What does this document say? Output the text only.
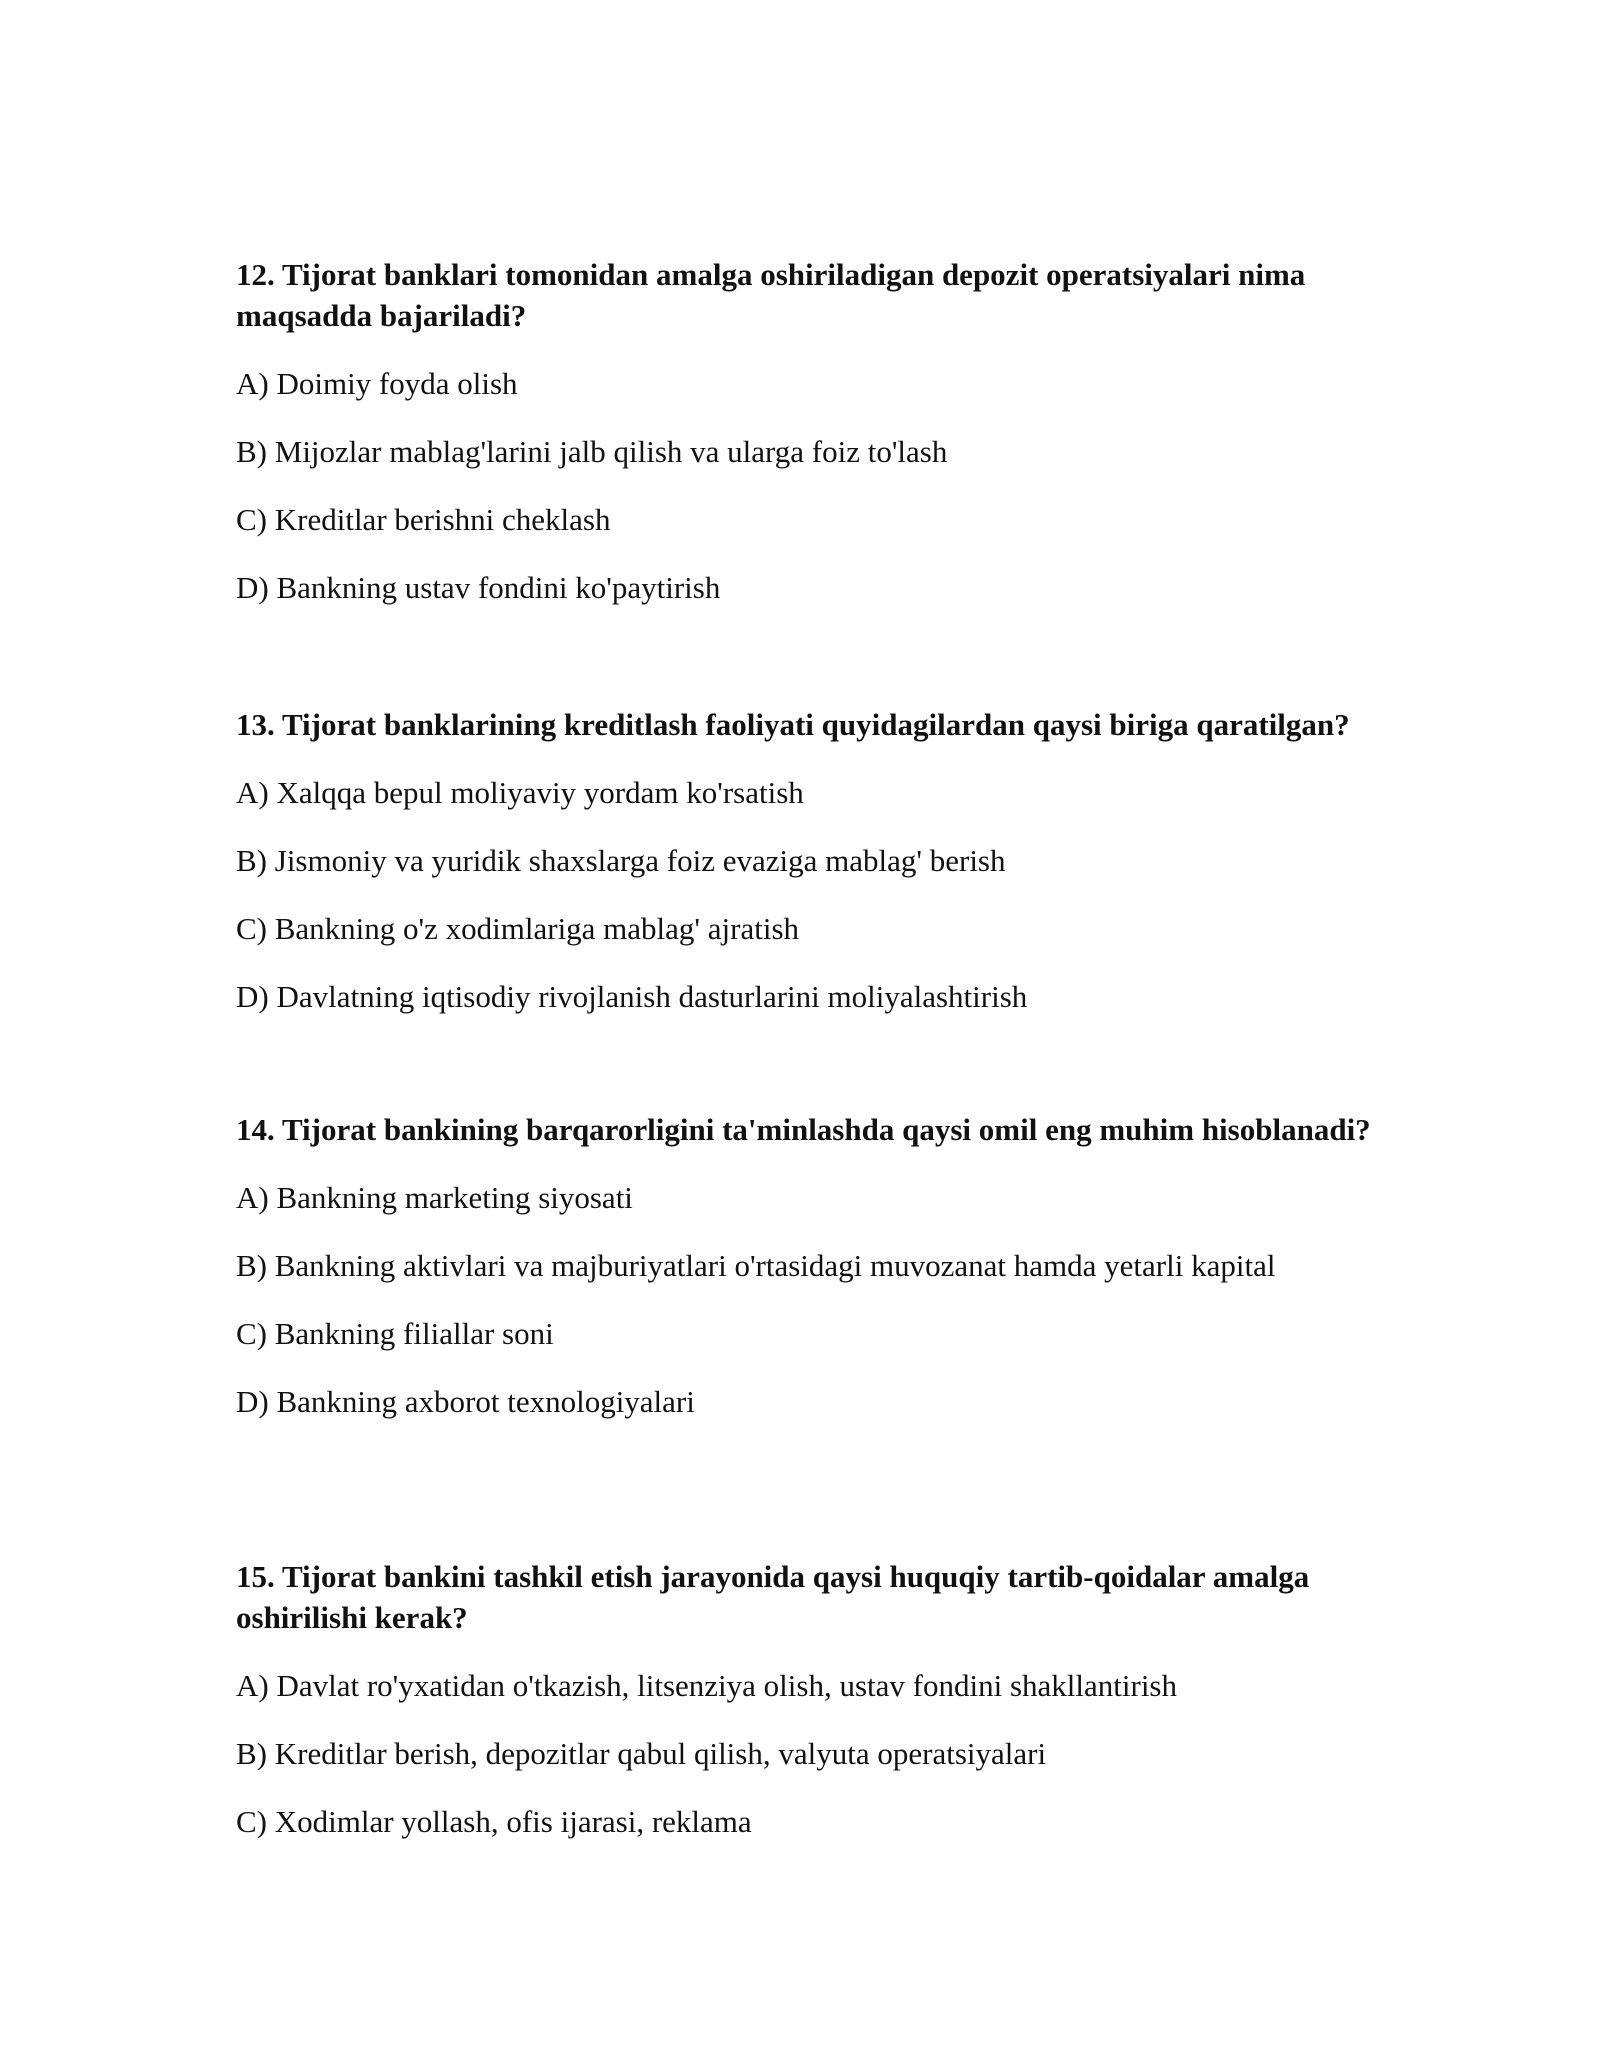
12. Tijorat banklari tomonidan amalga oshiriladigan depozit operatsiyalari nima maqsadda bajariladi?

A) Doimiy foyda olish

B) Mijozlar mablag'larini jalb qilish va ularga foiz to'lash

C) Kreditlar berishni cheklash

D) Bankning ustav fondini ko'paytirish

13. Tijorat banklarining kreditlash faoliyati quyidagilardan qaysi biriga qaratilgan?

A) Xalqqa bepul moliyaviy yordam ko'rsatish

B) Jismoniy va yuridik shaxslarga foiz evaziga mablag' berish

C) Bankning o'z xodimlariga mablag' ajratish

D) Davlatning iqtisodiy rivojlanish dasturlarini moliyalashtirish

14. Tijorat bankining barqarorligini ta'minlashda qaysi omil eng muhim hisoblanadi?

A) Bankning marketing siyosati

B) Bankning aktivlari va majburiyatlari o'rtasidagi muvozanat hamda yetarli kapital

C) Bankning filiallar soni

D) Bankning axborot texnologiyalari

15. Tijorat bankini tashkil etish jarayonida qaysi huquqiy tartib-qoidalar amalga oshirilishi kerak?

A) Davlat ro'yxatidan o'tkazish, litsenziya olish, ustav fondini shakllantirish

B) Kreditlar berish, depozitlar qabul qilish, valyuta operatsiyalari

C) Xodimlar yollash, ofis ijarasi, reklama
